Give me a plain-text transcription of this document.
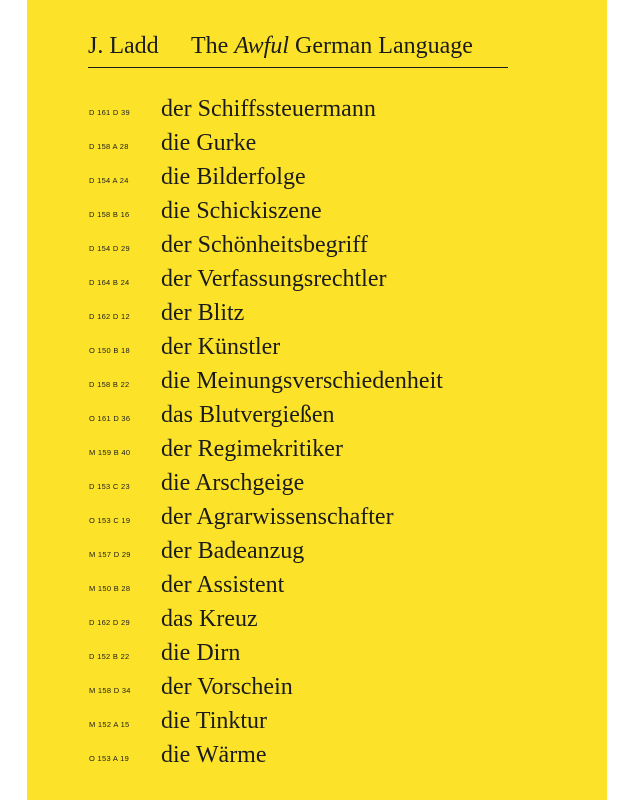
J. Ladd The Awful German Language
D 161 D 39 der Schiffssteuermann
D 158 A 28 die Gurke
D 154 A 24 die Bilderfolge
D 158 B 16 die Schickiszene
D 154 D 29 der Schönheitsbegriff
D 164 B 24 der Verfassungsrechtler
D 162 D 12 der Blitz
O 150 B 18 der Künstler
D 158 B 22 die Meinungsverschiedenheit
O 161 D 36 das Blutvergießen
M 159 B 40 der Regimekritiker
D 153 C 23 die Arschgeige
O 153 C 19 der Agrarwissenschafter
M 157 D 29 der Badeanzug
M 150 B 28 der Assistent
D 162 D 29 das Kreuz
D 152 B 22 die Dirn
M 158 D 34 der Vorschein
M 152 A 15 die Tinktur
O 153 A 19 die Wärme
